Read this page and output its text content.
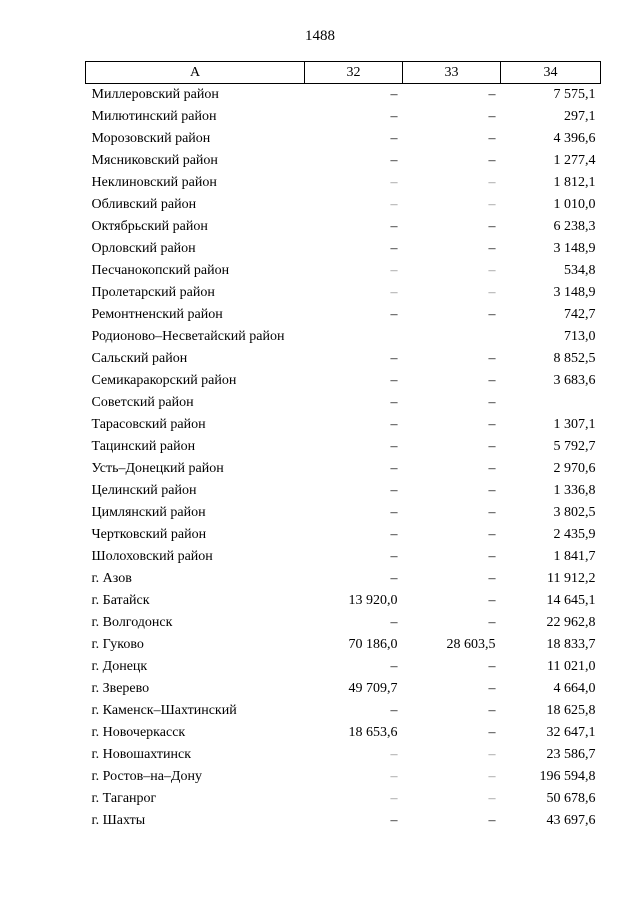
1488
А	32	33	34
Миллеровский район	–	–	7 575,1
Милютинский район	–	–	297,1
Морозовский район	–	–	4 396,6
Мясниковский район	–	–	1 277,4
Неклиновский район	–	–	1 812,1
Обливский район	–	–	1 010,0
Октябрьский район	–	–	6 238,3
Орловский район	–	–	3 148,9
Песчанокопский район	–	–	534,8
Пролетарский район	–	–	3 148,9
Ремонтненский район	–	–	742,7
Родионово–Несветайский район			713,0
Сальский район	–	–	8 852,5
Семикаракорский район	–	–	3 683,6
Советский район	–	–	
Тарасовский район	–	–	1 307,1
Тацинский район	–	–	5 792,7
Усть–Донецкий район	–	–	2 970,6
Целинский район	–	–	1 336,8
Цимлянский район	–	–	3 802,5
Чертковский район	–	–	2 435,9
Шолоховский район	–	–	1 841,7
г. Азов	–	–	11 912,2
г. Батайск	13 920,0	–	14 645,1
г. Волгодонск	–	–	22 962,8
г. Гуково	70 186,0	28 603,5	18 833,7
г. Донецк	–	–	11 021,0
г. Зверево	49 709,7	–	4 664,0
г. Каменск–Шахтинский	–	–	18 625,8
г. Новочеркасск	18 653,6	–	32 647,1
г. Новошахтинск	–	–	23 586,7
г. Ростов–на–Дону	–	–	196 594,8
г. Таганрог	–	–	50 678,6
г. Шахты	–	–	43 697,6
